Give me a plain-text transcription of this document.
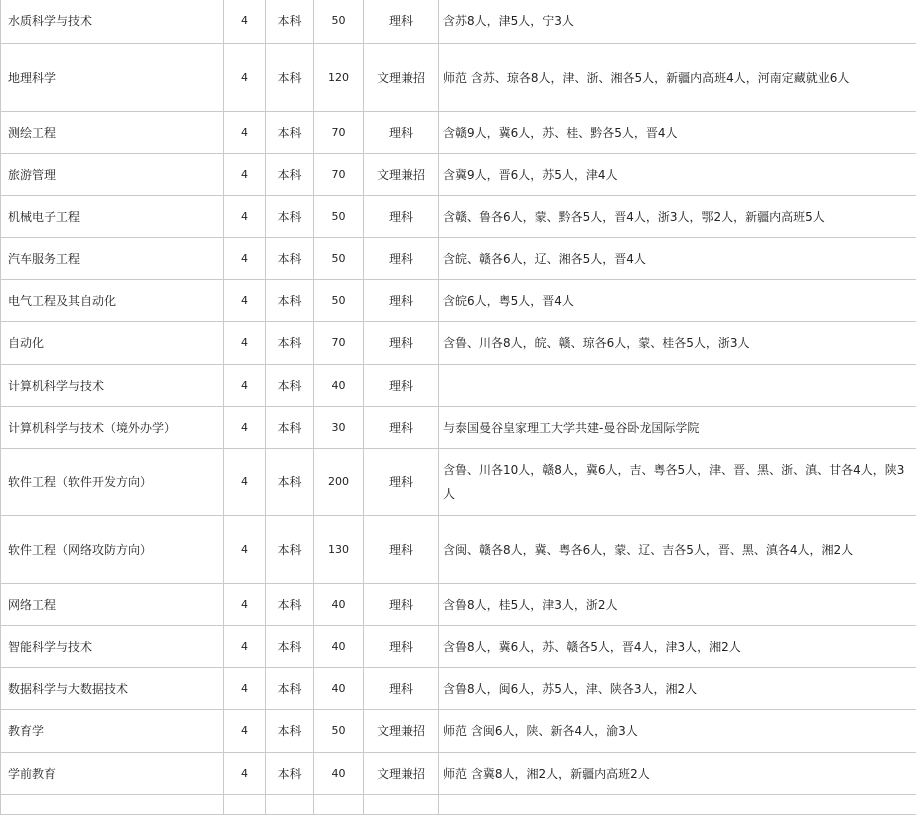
水质科学与技术	4	本科	50	理科	含苏8人，津5人，宁3人
地理科学	4	本科	120	文理兼招	师范 含苏、琼各8人，津、浙、湘各5人，新疆内高班4人，河南定藏就业6人
测绘工程	4	本科	70	理科	含赣9人，冀6人，苏、桂、黔各5人，晋4人
旅游管理	4	本科	70	文理兼招	含冀9人，晋6人，苏5人，津4人
机械电子工程	4	本科	50	理科	含赣、鲁各6人，蒙、黔各5人，晋4人，浙3人，鄂2人，新疆内高班5人
汽车服务工程	4	本科	50	理科	含皖、赣各6人，辽、湘各5人，晋4人
电气工程及其自动化	4	本科	50	理科	含皖6人，粤5人，晋4人
自动化	4	本科	70	理科	含鲁、川各8人，皖、赣、琼各6人，蒙、桂各5人，浙3人
计算机科学与技术	4	本科	40	理科	
计算机科学与技术（境外办学）	4	本科	30	理科	与泰国曼谷皇家理工大学共建-曼谷卧龙国际学院
软件工程（软件开发方向）	4	本科	200	理科	含鲁、川各10人，赣8人，冀6人，吉、粤各5人，津、晋、黑、浙、滇、甘各4人，陕3人
软件工程（网络攻防方向）	4	本科	130	理科	含闽、赣各8人，冀、粤各6人，蒙、辽、吉各5人，晋、黑、滇各4人，湘2人
网络工程	4	本科	40	理科	含鲁8人，桂5人，津3人，浙2人
智能科学与技术	4	本科	40	理科	含鲁8人，冀6人，苏、赣各5人，晋4人，津3人，湘2人
数据科学与大数据技术	4	本科	40	理科	含鲁8人，闽6人，苏5人，津、陕各3人，湘2人
教育学	4	本科	50	文理兼招	师范 含闽6人，陕、新各4人，渝3人
学前教育	4	本科	40	文理兼招	师范 含冀8人，湘2人，新疆内高班2人
